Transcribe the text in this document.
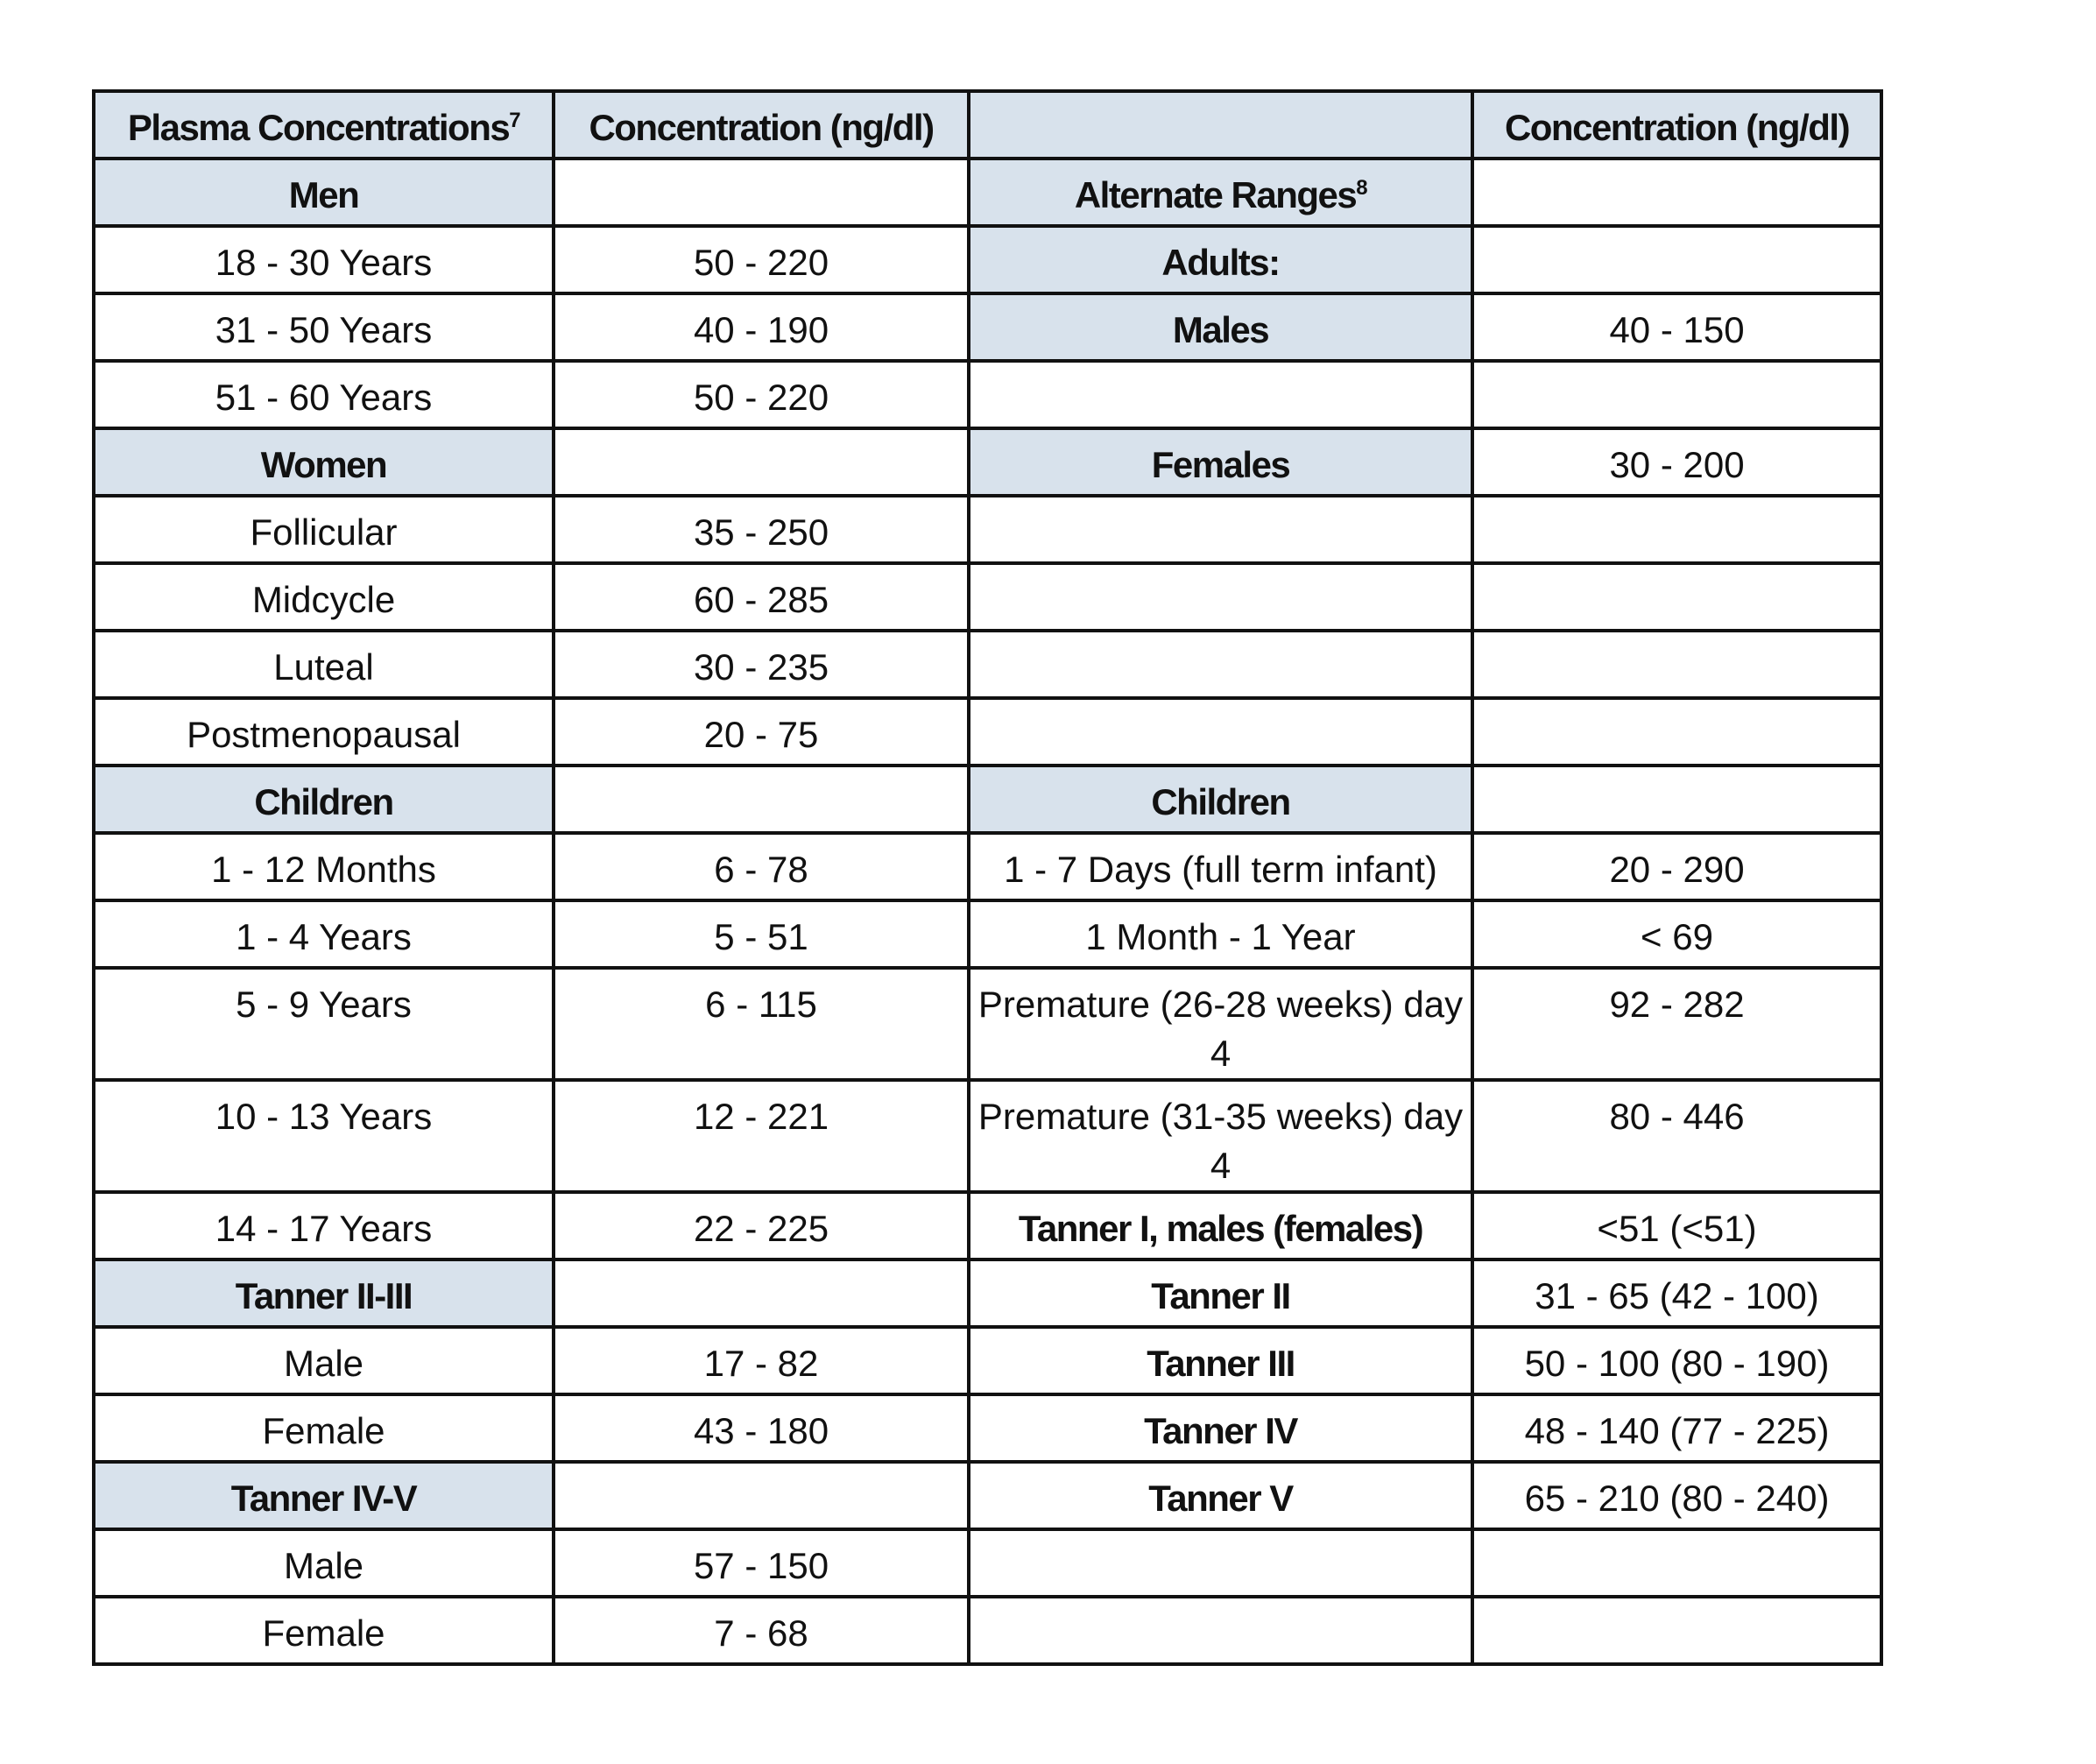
Plasma Concentrations$^7$	Concentration (ng/dl)		Concentration (ng/dl)
Men		Alternate Ranges$^8$	
18 - 30 Years	50 - 220	Adults:	
31 - 50 Years	40 - 190	Males	40 - 150
51 - 60 Years	50 - 220		
Women		Females	30 - 200
Follicular	35 - 250		
Midcycle	60 - 285		
Luteal	30 - 235		
Postmenopausal	20 - 75		
Children		Children	
1 - 12 Months	6 - 78	1 - 7 Days (full term infant)	20 - 290
1 - 4 Years	5 - 51	1 Month - 1 Year	< 69
5 - 9 Years	6 - 115	Premature (26-28 weeks) day 4	92 - 282
10 - 13 Years	12 - 221	Premature (31-35 weeks) day 4	80 - 446
14 - 17 Years	22 - 225	Tanner I, males (females)	<51 (<51)
Tanner II-III		Tanner II	31 - 65 (42 - 100)
Male	17 - 82	Tanner III	50 - 100 (80 - 190)
Female	43 - 180	Tanner IV	48 - 140 (77 - 225)
Tanner IV-V		Tanner V	65 - 210 (80 - 240)
Male	57 - 150		
Female	7 - 68		
